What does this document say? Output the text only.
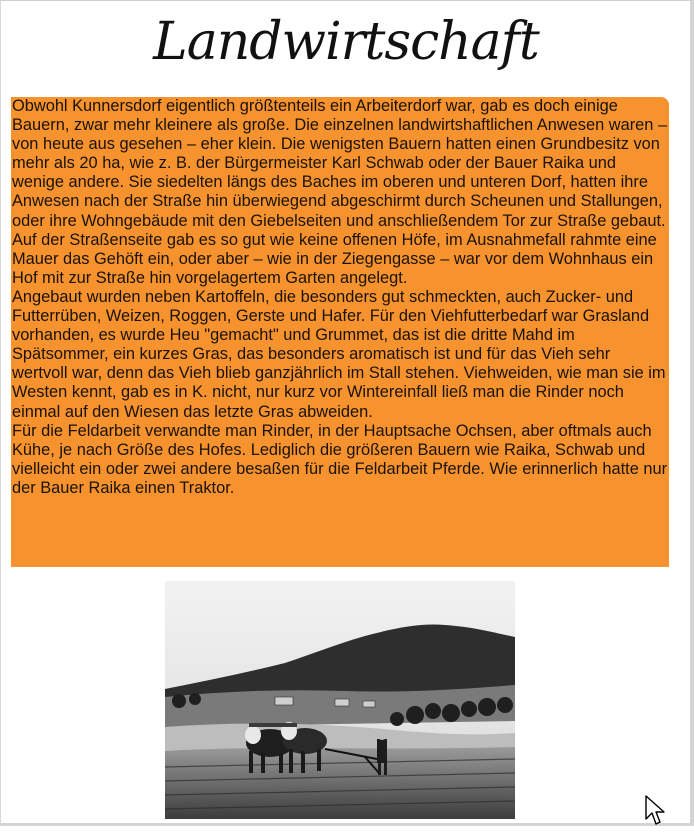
Landwirtschaft

Obwohl Kunnersdorf eigentlich größtenteils ein Arbeiterdorf war, gab es doch einige Bauern, zwar mehr kleinere als große. Die einzelnen landwirtshaftlichen Anwesen waren – von heute aus gesehen – eher klein. Die wenigsten Bauern hatten einen Grundbesitz von mehr als 20 ha, wie z. B. der Bürgermeister Karl Schwab oder der Bauer Raika und wenige andere. Sie siedelten längs des Baches im oberen und unteren Dorf, hatten ihre Anwesen nach der Straße hin überwiegend abgeschirmt durch Scheunen und Stallungen, oder ihre Wohngebäude mit den Giebelseiten und anschließendem Tor zur Straße gebaut. Auf der Straßenseite gab es so gut wie keine offenen Höfe, im Ausnahmefall rahmte eine Mauer das Gehöft ein, oder aber – wie in der Ziegengasse – war vor dem Wohnhaus ein Hof mit zur Straße hin vorgelagertem Garten angelegt.

Angebaut wurden neben Kartoffeln, die besonders gut schmeckten, auch Zucker- und Futterrüben, Weizen, Roggen, Gerste und Hafer. Für den Viehfutterbedarf war Grasland vorhanden, es wurde Heu "gemacht" und Grummet, das ist die dritte Mahd im Spätsommer, ein kurzes Gras, das besonders aromatisch ist und für das Vieh sehr wertvoll war, denn das Vieh blieb ganzjährlich im Stall stehen. Viehweiden, wie man sie im Westen kennt, gab es in K. nicht, nur kurz vor Wintereinfall ließ man die Rinder noch einmal auf den Wiesen das letzte Gras abweiden.

Für die Feldarbeit verwandte man Rinder, in der Hauptsache Ochsen, aber oftmals auch Kühe, je nach Größe des Hofes. Lediglich die größeren Bauern wie Raika, Schwab und vielleicht ein oder zwei andere besaßen für die Feldarbeit Pferde. Wie erinnerlich hatte nur der Bauer Raika einen Traktor.
